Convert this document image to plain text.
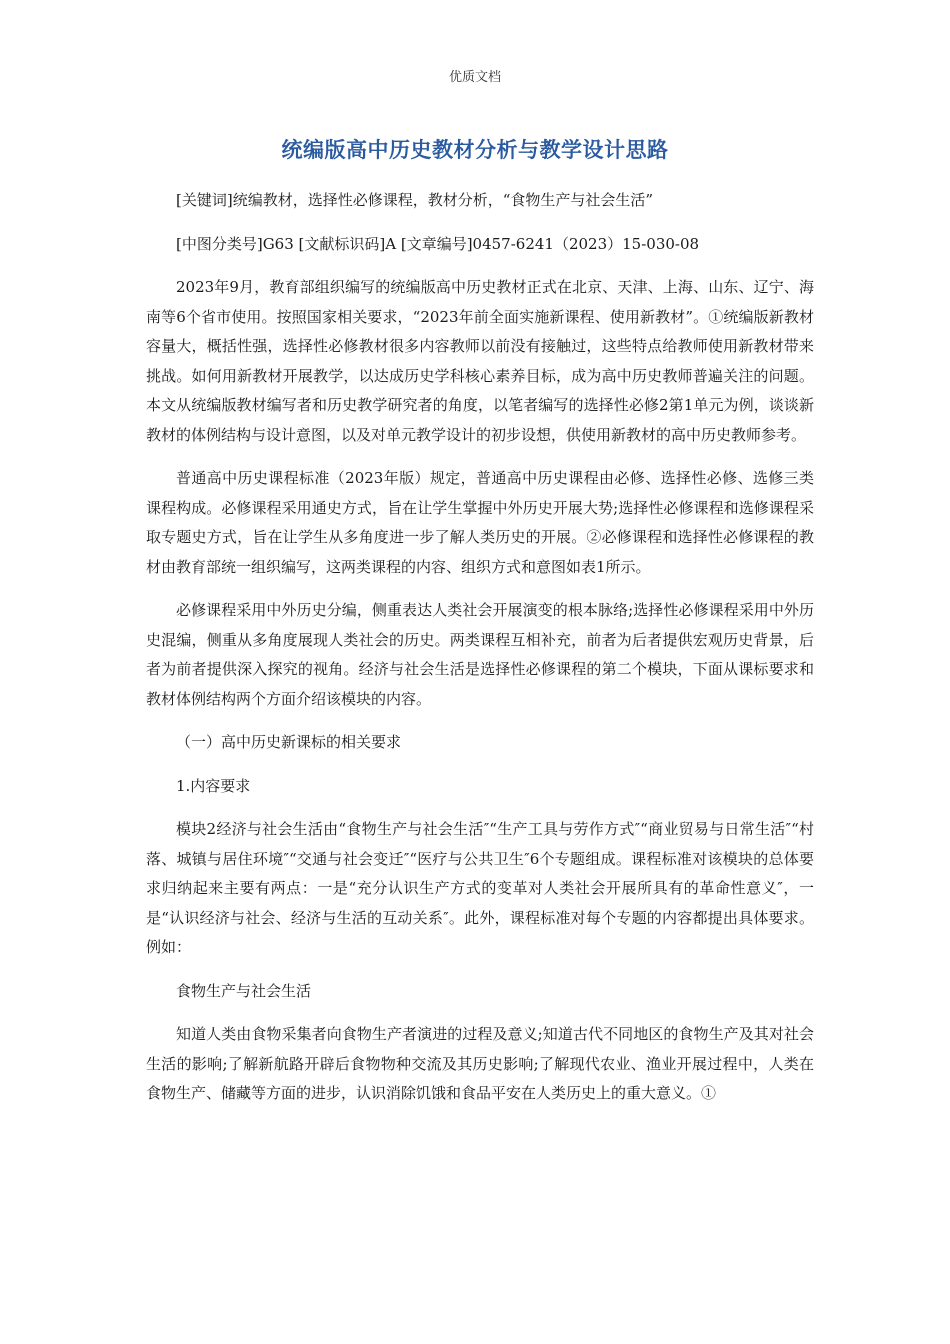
优质文档
统编版高中历史教材分析与教学设计思路

[关键词]统编教材，选择性必修课程，教材分析，“食物生产与社会生活”

[中图分类号]G63 [文献标识码]A [文章编号]0457-6241（2023）15-030-08

2023年9月，教育部组织编写的统编版高中历史教材正式在北京、天津、上海、山东、辽宁、海南等6个省市使用。按照国家相关要求，“2023年前全面实施新课程、使用新教材”。①统编版新教材容量大，概括性强，选择性必修教材很多内容教师以前没有接触过，这些特点给教师使用新教材带来挑战。如何用新教材开展教学，以达成历史学科核心素养目标，成为高中历史教师普遍关注的问题。本文从统编版教材编写者和历史教学研究者的角度，以笔者编写的选择性必修2第1单元为例，谈谈新教材的体例结构与设计意图，以及对单元教学设计的初步设想，供使用新教材的高中历史教师参考。

普通高中历史课程标准（2023年版）规定，普通高中历史课程由必修、选择性必修、选修三类课程构成。必修课程采用通史方式，旨在让学生掌握中外历史开展大势;选择性必修课程和选修课程采取专题史方式，旨在让学生从多角度进一步了解人类历史的开展。②必修课程和选择性必修课程的教材由教育部统一组织编写，这两类课程的内容、组织方式和意图如表1所示。

必修课程采用中外历史分编，侧重表达人类社会开展演变的根本脉络;选择性必修课程采用中外历史混编，侧重从多角度展现人类社会的历史。两类课程互相补充，前者为后者提供宏观历史背景，后者为前者提供深入探究的视角。经济与社会生活是选择性必修课程的第二个模块，下面从课标要求和教材体例结构两个方面介绍该模块的内容。

（一）高中历史新课标的相关要求

1.内容要求

模块2经济与社会生活由“食物生产与社会生活″“生产工具与劳作方式″“商业贸易与日常生活″“村落、城镇与居住环境″“交通与社会变迁″“医疗与公共卫生″6个专题组成。课程标准对该模块的总体要求归纳起来主要有两点：一是“充分认识生产方式的变革对人类社会开展所具有的革命性意义″，一是“认识经济与社会、经济与生活的互动关系″。此外，课程标准对每个专题的内容都提出具体要求。例如：

食物生产与社会生活

知道人类由食物采集者向食物生产者演进的过程及意义;知道古代不同地区的食物生产及其对社会生活的影响;了解新航路开辟后食物物种交流及其历史影响;了解现代农业、渔业开展过程中，人类在食物生产、储藏等方面的进步，认识消除饥饿和食品平安在人类历史上的重大意义。①
